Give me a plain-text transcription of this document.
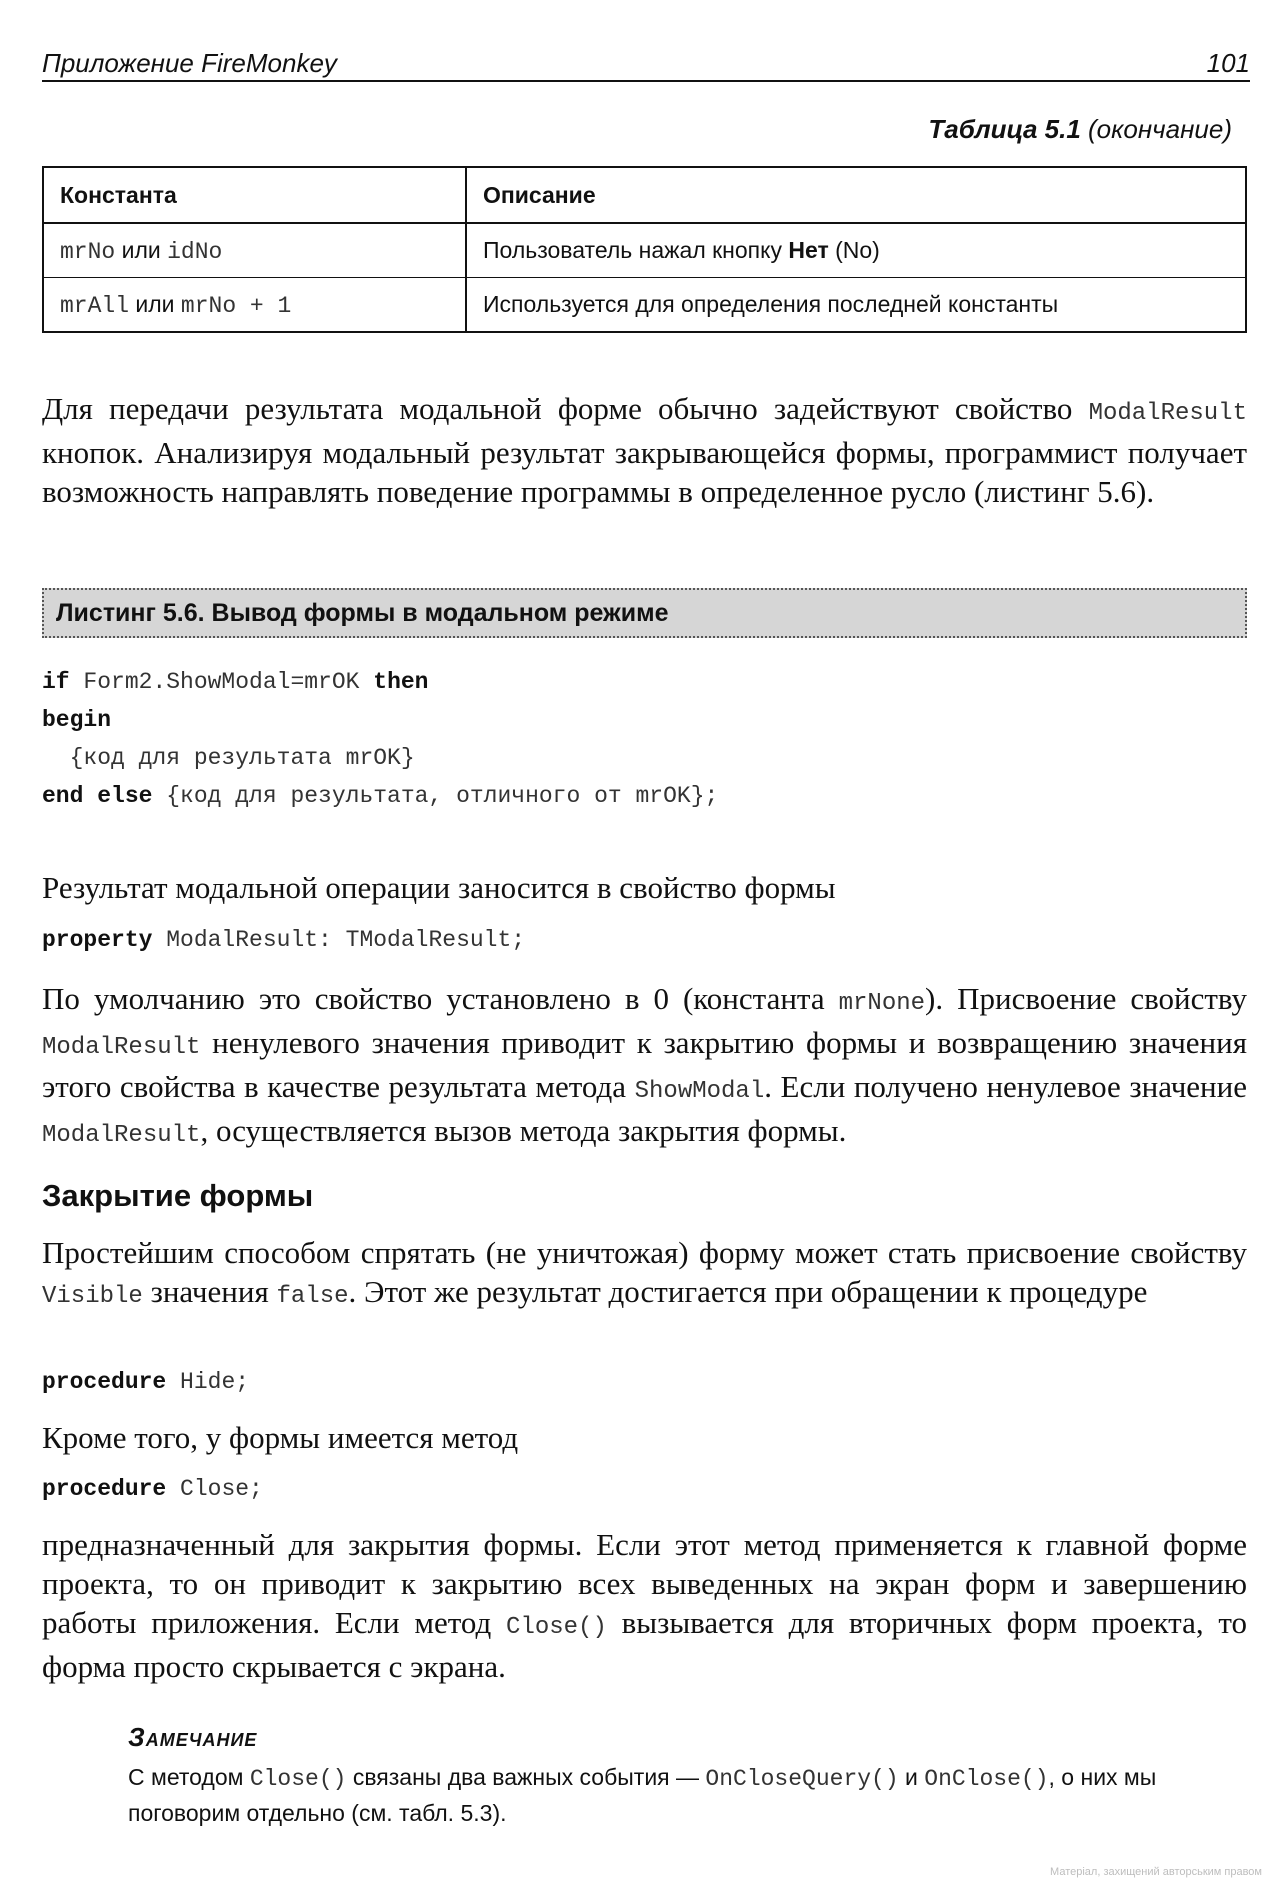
Приложение FireMonkey	101
Таблица 5.1 (окончание)
Константа	Описание
mrNo или idNo	Пользователь нажал кнопку Нет (No)
mrAll или mrNo + 1	Используется для определения последней константы

Для передачи результата модальной форме обычно задействуют свойство ModalResult кнопок. Анализируя модальный результат закрывающейся формы, программист получает возможность направлять поведение программы в определенное русло (листинг 5.6).

Листинг 5.6. Вывод формы в модальном режиме
if Form2.ShowModal=mrOK then
begin
{код для результата mrOK}
end else {код для результата, отличного от mrOK};

Результат модальной операции заносится в свойство формы

property ModalResult: TModalResult;

По умолчанию это свойство установлено в 0 (константа mrNone). Присвоение свойству ModalResult ненулевого значения приводит к закрытию формы и возвращению значения этого свойства в качестве результата метода ShowModal. Если получено ненулевое значение ModalResult, осуществляется вызов метода закрытия формы.

Закрытие формы

Простейшим способом спрятать (не уничтожая) форму может стать присвоение свойству Visible значения false. Этот же результат достигается при обращении к процедуре

procedure Hide;

Кроме того, у формы имеется метод

procedure Close;

предназначенный для закрытия формы. Если этот метод применяется к главной форме проекта, то он приводит к закрытию всех выведенных на экран форм и завершению работы приложения. Если метод Close() вызывается для вторичных форм проекта, то форма просто скрывается с экрана.

Замечание

С методом Close() связаны два важных события — OnCloseQuery() и OnClose(), о них мы поговорим отдельно (см. табл. 5.3).

Матеріал, захищений авторським правом
